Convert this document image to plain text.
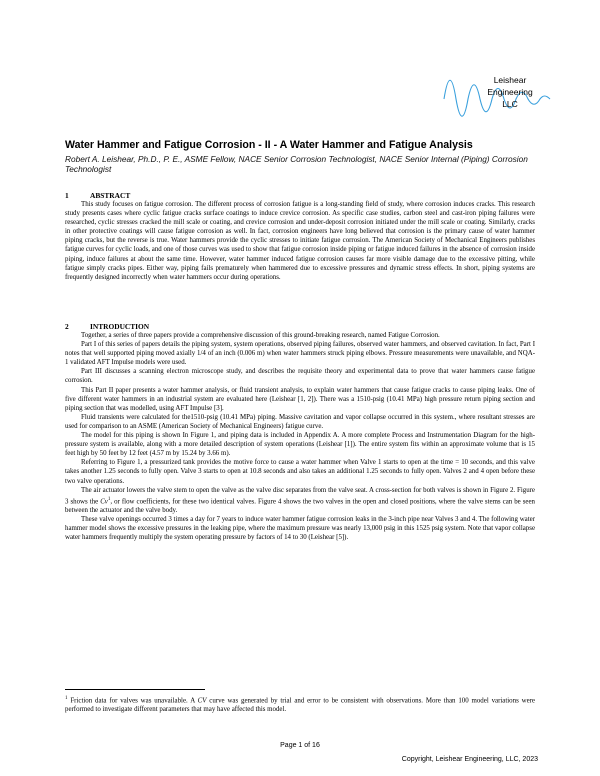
Leishear
Engineering
LLC
Water Hammer and Fatigue Corrosion - II - A Water Hammer and Fatigue Analysis
Robert A. Leishear, Ph.D., P. E., ASME Fellow, NACE Senior Corrosion Technologist, NACE Senior Internal (Piping) Corrosion Technologist
1	ABSTRACT

This study focuses on fatigue corrosion. The different process of corrosion fatigue is a long-standing field of study, where corrosion induces cracks. This research study presents cases where cyclic fatigue cracks surface coatings to induce crevice corrosion. As specific case studies, carbon steel and cast-iron piping failures were researched, cyclic stresses cracked the mill scale or coating, and crevice corrosion and under-deposit corrosion initiated under the mill scale or coating. Similarly, cracks in other protective coatings will cause fatigue corrosion as well. In fact, corrosion engineers have long believed that corrosion is the primary cause of water hammer piping cracks, but the reverse is true. Water hammers provide the cyclic stresses to initiate fatigue corrosion. The American Society of Mechanical Engineers publishes fatigue curves for cyclic loads, and one of those curves was used to show that fatigue corrosion inside piping or fatigue induced failures in the absence of corrosion inside piping, induce failures at about the same time. However, water hammer induced fatigue corrosion causes far more visible damage due to the excessive pitting, while fatigue simply cracks pipes. Either way, piping fails prematurely when hammered due to excessive pressures and dynamic stress effects. In short, piping systems are frequently designed incorrectly when water hammers occur during operations.

2	INTRODUCTION

Together, a series of three papers provide a comprehensive discussion of this ground-breaking research, named Fatigue Corrosion.

Part I of this series of papers details the piping system, system operations, observed piping failures, observed water hammers, and observed cavitation. In fact, Part I notes that well supported piping moved axially 1/4 of an inch (0.006 m) when water hammers struck piping elbows. Pressure measurements were unavailable, and NQA-1 validated AFT Impulse models were used.

Part III discusses a scanning electron microscope study, and describes the requisite theory and experimental data to prove that water hammers cause fatigue corrosion.

This Part II paper presents a water hammer analysis, or fluid transient analysis, to explain water hammers that cause fatigue cracks to cause piping leaks. One of five different water hammers in an industrial system are evaluated here (Leishear [1, 2]). There was a 1510-psig (10.41 MPa) high pressure return piping section and piping section that was modelled, using AFT Impulse [3].

Fluid transients were calculated for the1510-psig (10.41 MPa) piping. Massive cavitation and vapor collapse occurred in this system., where resultant stresses are used for comparison to an ASME (American Society of Mechanical Engineers) fatigue curve.

The model for this piping is shown In Figure 1, and piping data is included in Appendix A. A more complete Process and Instrumentation Diagram for the high-pressure system is available, along with a more detailed description of system operations (Leishear [1]). The entire system fits within an approximate volume that is 15 feet high by 50 feet by 12 feet (4.57 m by 15.24 by 3.66 m).

Referring to Figure 1, a pressurized tank provides the motive force to cause a water hammer when Valve 1 starts to open at the time = 10 seconds, and this valve takes another 1.25 seconds to fully open. Valve 3 starts to open at 10.8 seconds and also takes an additional 1.25 seconds to fully open. Valves 2 and 4 open before these two valve operations.

The air actuator lowers the valve stem to open the valve as the valve disc separates from the valve seat. A cross-section for both valves is shown in Figure 2. Figure 3 shows the Cv$^1$, or flow coefficients, for these two identical valves. Figure 4 shows the two valves in the open and closed positions, where the valve stems can be seen between the actuator and the valve body.

These valve openings occurred 3 times a day for 7 years to induce water hammer fatigue corrosion leaks in the 3-inch pipe near Valves 3 and 4. The following water hammer model shows the excessive pressures in the leaking pipe, where the maximum pressure was nearly 13,000 psig in this 1525 psig system. Note that vapor collapse water hammers frequently multiply the system operating pressure by factors of 14 to 30 (Leishear [5]).

$^1$ Friction data for valves was unavailable. A CV curve was generated by trial and error to be consistent with observations. More than 100 model variations were performed to investigate different parameters that may have affected this model.
Page 1 of 16
Copyright, Leishear Engineering, LLC, 2023
